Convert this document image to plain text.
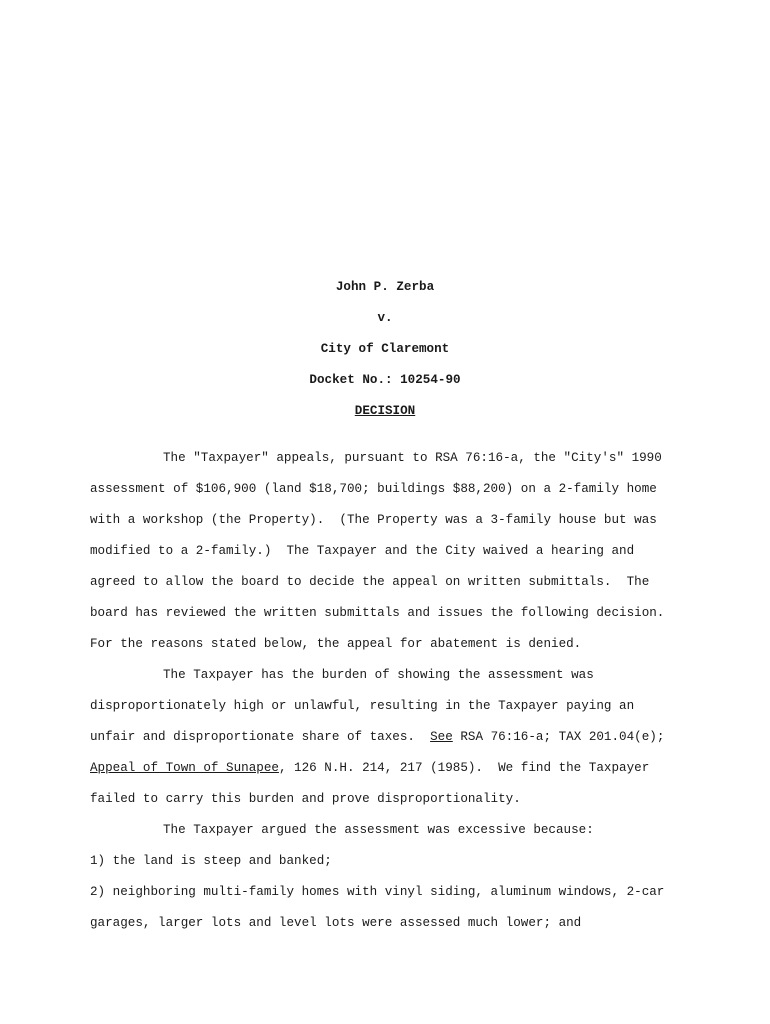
John P. Zerba
v.
City of Claremont
Docket No.: 10254-90
DECISION
The "Taxpayer" appeals, pursuant to RSA 76:16-a, the "City's" 1990
assessment of $106,900 (land $18,700; buildings $88,200) on a 2-family home
with a workshop (the Property).  (The Property was a 3-family house but was
modified to a 2-family.)  The Taxpayer and the City waived a hearing and
agreed to allow the board to decide the appeal on written submittals.  The
board has reviewed the written submittals and issues the following decision.
For the reasons stated below, the appeal for abatement is denied.
The Taxpayer has the burden of showing the assessment was
disproportionately high or unlawful, resulting in the Taxpayer paying an
unfair and disproportionate share of taxes.  See RSA 76:16-a; TAX 201.04(e);
Appeal of Town of Sunapee, 126 N.H. 214, 217 (1985).  We find the Taxpayer
failed to carry this burden and prove disproportionality.
The Taxpayer argued the assessment was excessive because:
1) the land is steep and banked;
2) neighboring multi-family homes with vinyl siding, aluminum windows, 2-car
garages, larger lots and level lots were assessed much lower; and
